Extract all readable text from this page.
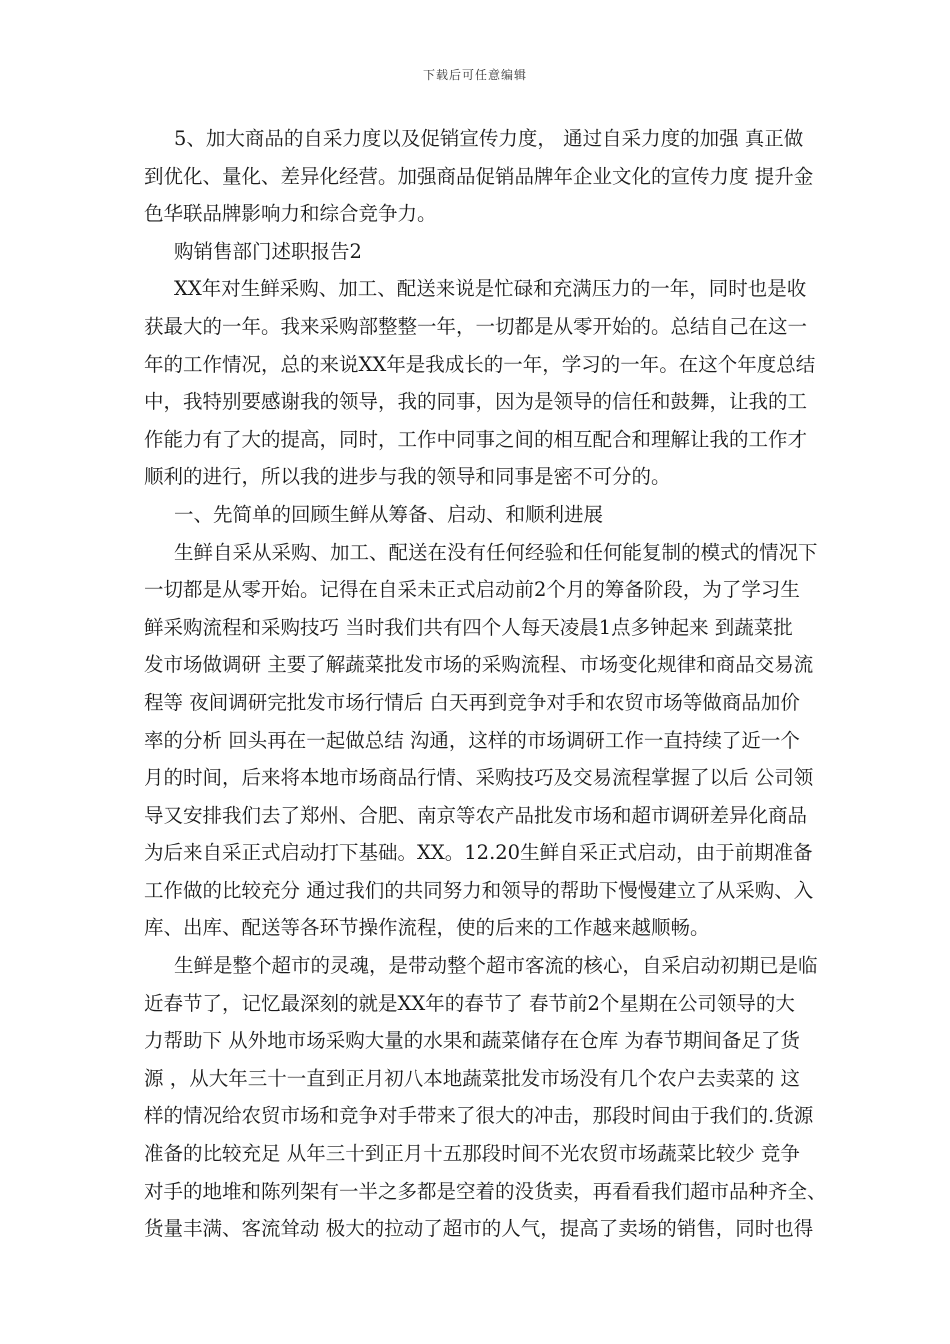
下载后可任意编辑
5、加大商品的自采力度以及促销宣传力度， 通过自采力度的加强 真正做
到优化、量化、差异化经营。加强商品促销品牌年企业文化的宣传力度 提升金
色华联品牌影响力和综合竞争力。
购销售部门述职报告2
XX年对生鲜采购、加工、配送来说是忙碌和充满压力的一年，同时也是收
获最大的一年。我来采购部整整一年，一切都是从零开始的。总结自己在这一
年的工作情况，总的来说XX年是我成长的一年，学习的一年。在这个年度总结
中，我特别要感谢我的领导，我的同事，因为是领导的信任和鼓舞，让我的工
作能力有了大的提高，同时，工作中同事之间的相互配合和理解让我的工作才
顺利的进行，所以我的进步与我的领导和同事是密不可分的。
一、先简单的回顾生鲜从筹备、启动、和顺利进展
生鲜自采从采购、加工、配送在没有任何经验和任何能复制的模式的情况下
一切都是从零开始。记得在自采未正式启动前2个月的筹备阶段，为了学习生
鲜采购流程和采购技巧 当时我们共有四个人每天凌晨1点多钟起来 到蔬菜批
发市场做调研 主要了解蔬菜批发市场的采购流程、市场变化规律和商品交易流
程等 夜间调研完批发市场行情后 白天再到竞争对手和农贸市场等做商品加价
率的分析 回头再在一起做总结 沟通，这样的市场调研工作一直持续了近一个
月的时间，后来将本地市场商品行情、采购技巧及交易流程掌握了以后 公司领
导又安排我们去了郑州、合肥、南京等农产品批发市场和超市调研差异化商品
为后来自采正式启动打下基础。XX。12.20生鲜自采正式启动，由于前期准备
工作做的比较充分 通过我们的共同努力和领导的帮助下慢慢建立了从采购、入
库、出库、配送等各环节操作流程，使的后来的工作越来越顺畅。
生鲜是整个超市的灵魂，是带动整个超市客流的核心，自采启动初期已是临
近春节了，记忆最深刻的就是XX年的春节了 春节前2个星期在公司领导的大
力帮助下 从外地市场采购大量的水果和蔬菜储存在仓库 为春节期间备足了货
源 ，从大年三十一直到正月初八本地蔬菜批发市场没有几个农户去卖菜的 这
样的情况给农贸市场和竞争对手带来了很大的冲击，那段时间由于我们的.货源
准备的比较充足 从年三十到正月十五那段时间不光农贸市场蔬菜比较少 竞争
对手的地堆和陈列架有一半之多都是空着的没货卖，再看看我们超市品种齐全、
货量丰满、客流耸动 极大的拉动了超市的人气，提高了卖场的销售，同时也得
